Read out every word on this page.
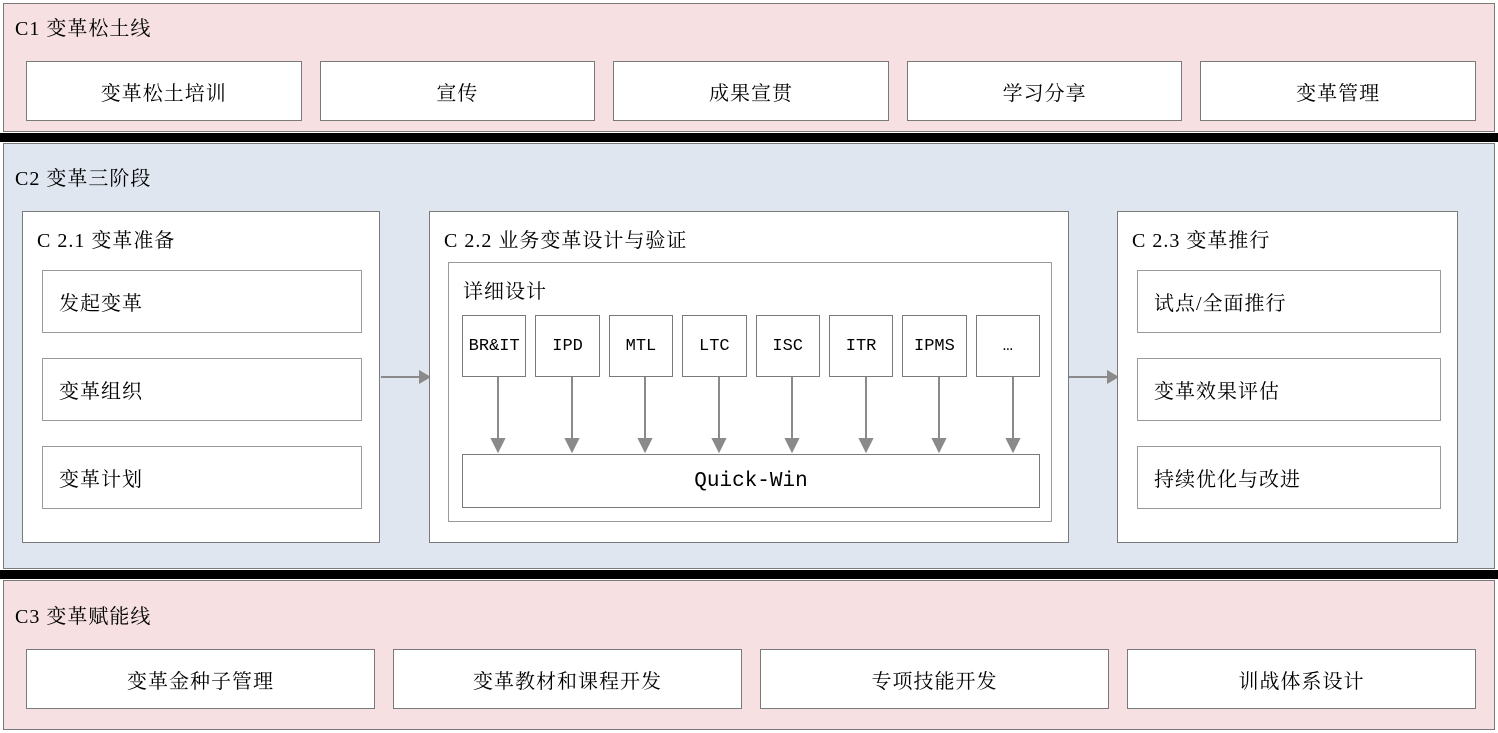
C1 变革松土线
变革松土培训	宣传	成果宣贯	学习分享	变革管理
C2 变革三阶段
C 2.1 变革准备
发起变革
变革组织
变革计划
C 2.2 业务变革设计与验证
详细设计
BR&IT	IPD	MTL	LTC	ISC	ITR	IPMS	…
Quick-Win
C 2.3 变革推行
试点/全面推行
变革效果评估
持续优化与改进
C3 变革赋能线
变革金种子管理	变革教材和课程开发	专项技能开发	训战体系设计
